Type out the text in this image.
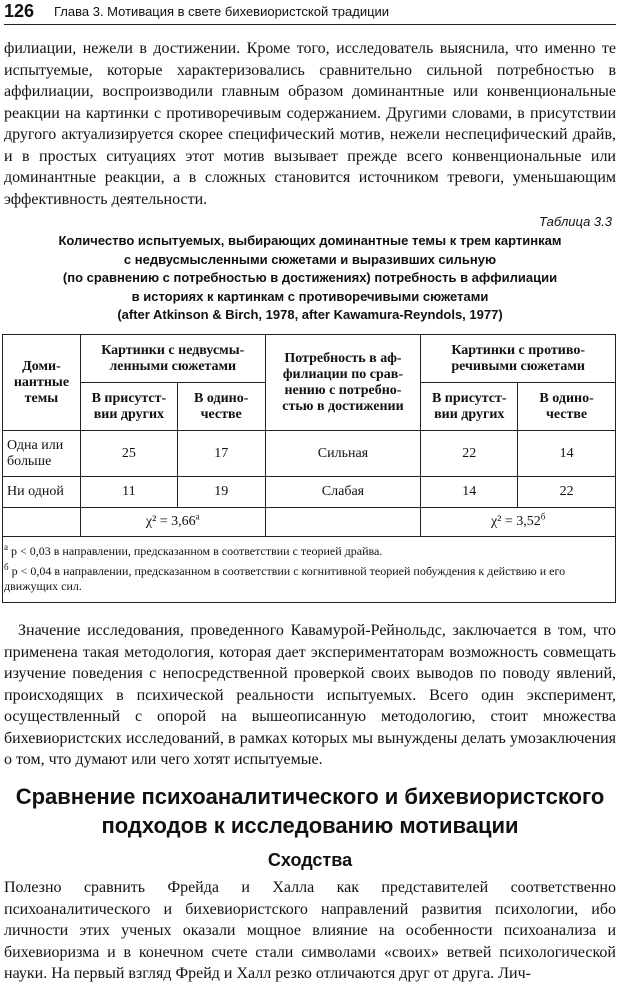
126 Глава 3. Мотивация в свете бихевиористской традиции

филиации, нежели в достижении. Кроме того, исследователь выяснила, что именно те испытуемые, которые характеризовались сравнительно сильной потребностью в аффилиации, воспроизводили главным образом доминантные или конвенциональные реакции на картинки с противоречивым содержанием. Другими словами, в присутствии другого актуализируется скорее специфический мотив, нежели неспецифический драйв, и в простых ситуациях этот мотив вызывает прежде всего конвенциональные или доминантные реакции, а в сложных становится источником тревоги, уменьшающим эффективность деятельности.

Таблица 3.3
Количество испытуемых, выбирающих доминантные темы к трем картинкам
с недвусмысленными сюжетами и выразивших сильную
(по сравнению с потребностью в достижениях) потребность в аффилиации
в историях к картинкам с противоречивыми сюжетами
(after Atkinson & Birch, 1978, after Kawamura-Reyndols, 1977)
Доми-нантные темы	Картинки с недвусмы-ленными сюжетами		Потребность в аф-филиации по срав-нению с потребно-стью в достижении	Картинки с противо-речивыми сюжетами	
	В присутст-вии других	В одино-честве		В присутст-вии других	В одино-честве
Одна или больше	25	17	Сильная	22	14
Ни одной	11	19	Слабая	14	22
	χ² = 3,66$^a$			$\chi^2 = 3,52^б$
$^a$ p < 0,03 в направлении, предсказанном в соответствии с теорией драйва.
$^б$ p < 0,04 в направлении, предсказанном в соответствии с когнитивной теорией побуждения к действию и его движущих сил.

Значение исследования, проведенного Кавамурой-Рейнольдс, заключается в том, что применена такая методология, которая дает экспериментаторам возможность совмещать изучение поведения с непосредственной проверкой своих выводов по поводу явлений, происходящих в психической реальности испытуемых. Всего один эксперимент, осуществленный с опорой на вышеописанную методологию, стоит множества бихевиористских исследований, в рамках которых мы вынуждены делать умозаключения о том, что думают или чего хотят испытуемые.

Сравнение психоаналитического и бихевиористского
подходов к исследованию мотивации
Сходства

Полезно сравнить Фрейда и Халла как представителей соответственно психоаналитического и бихевиористского направлений развития психологии, ибо личности этих ученых оказали мощное влияние на особенности психоанализа и бихевиоризма и в конечном счете стали символами «своих» ветвей психологической науки. На первый взгляд Фрейд и Халл резко отличаются друг от друга. Лич-
